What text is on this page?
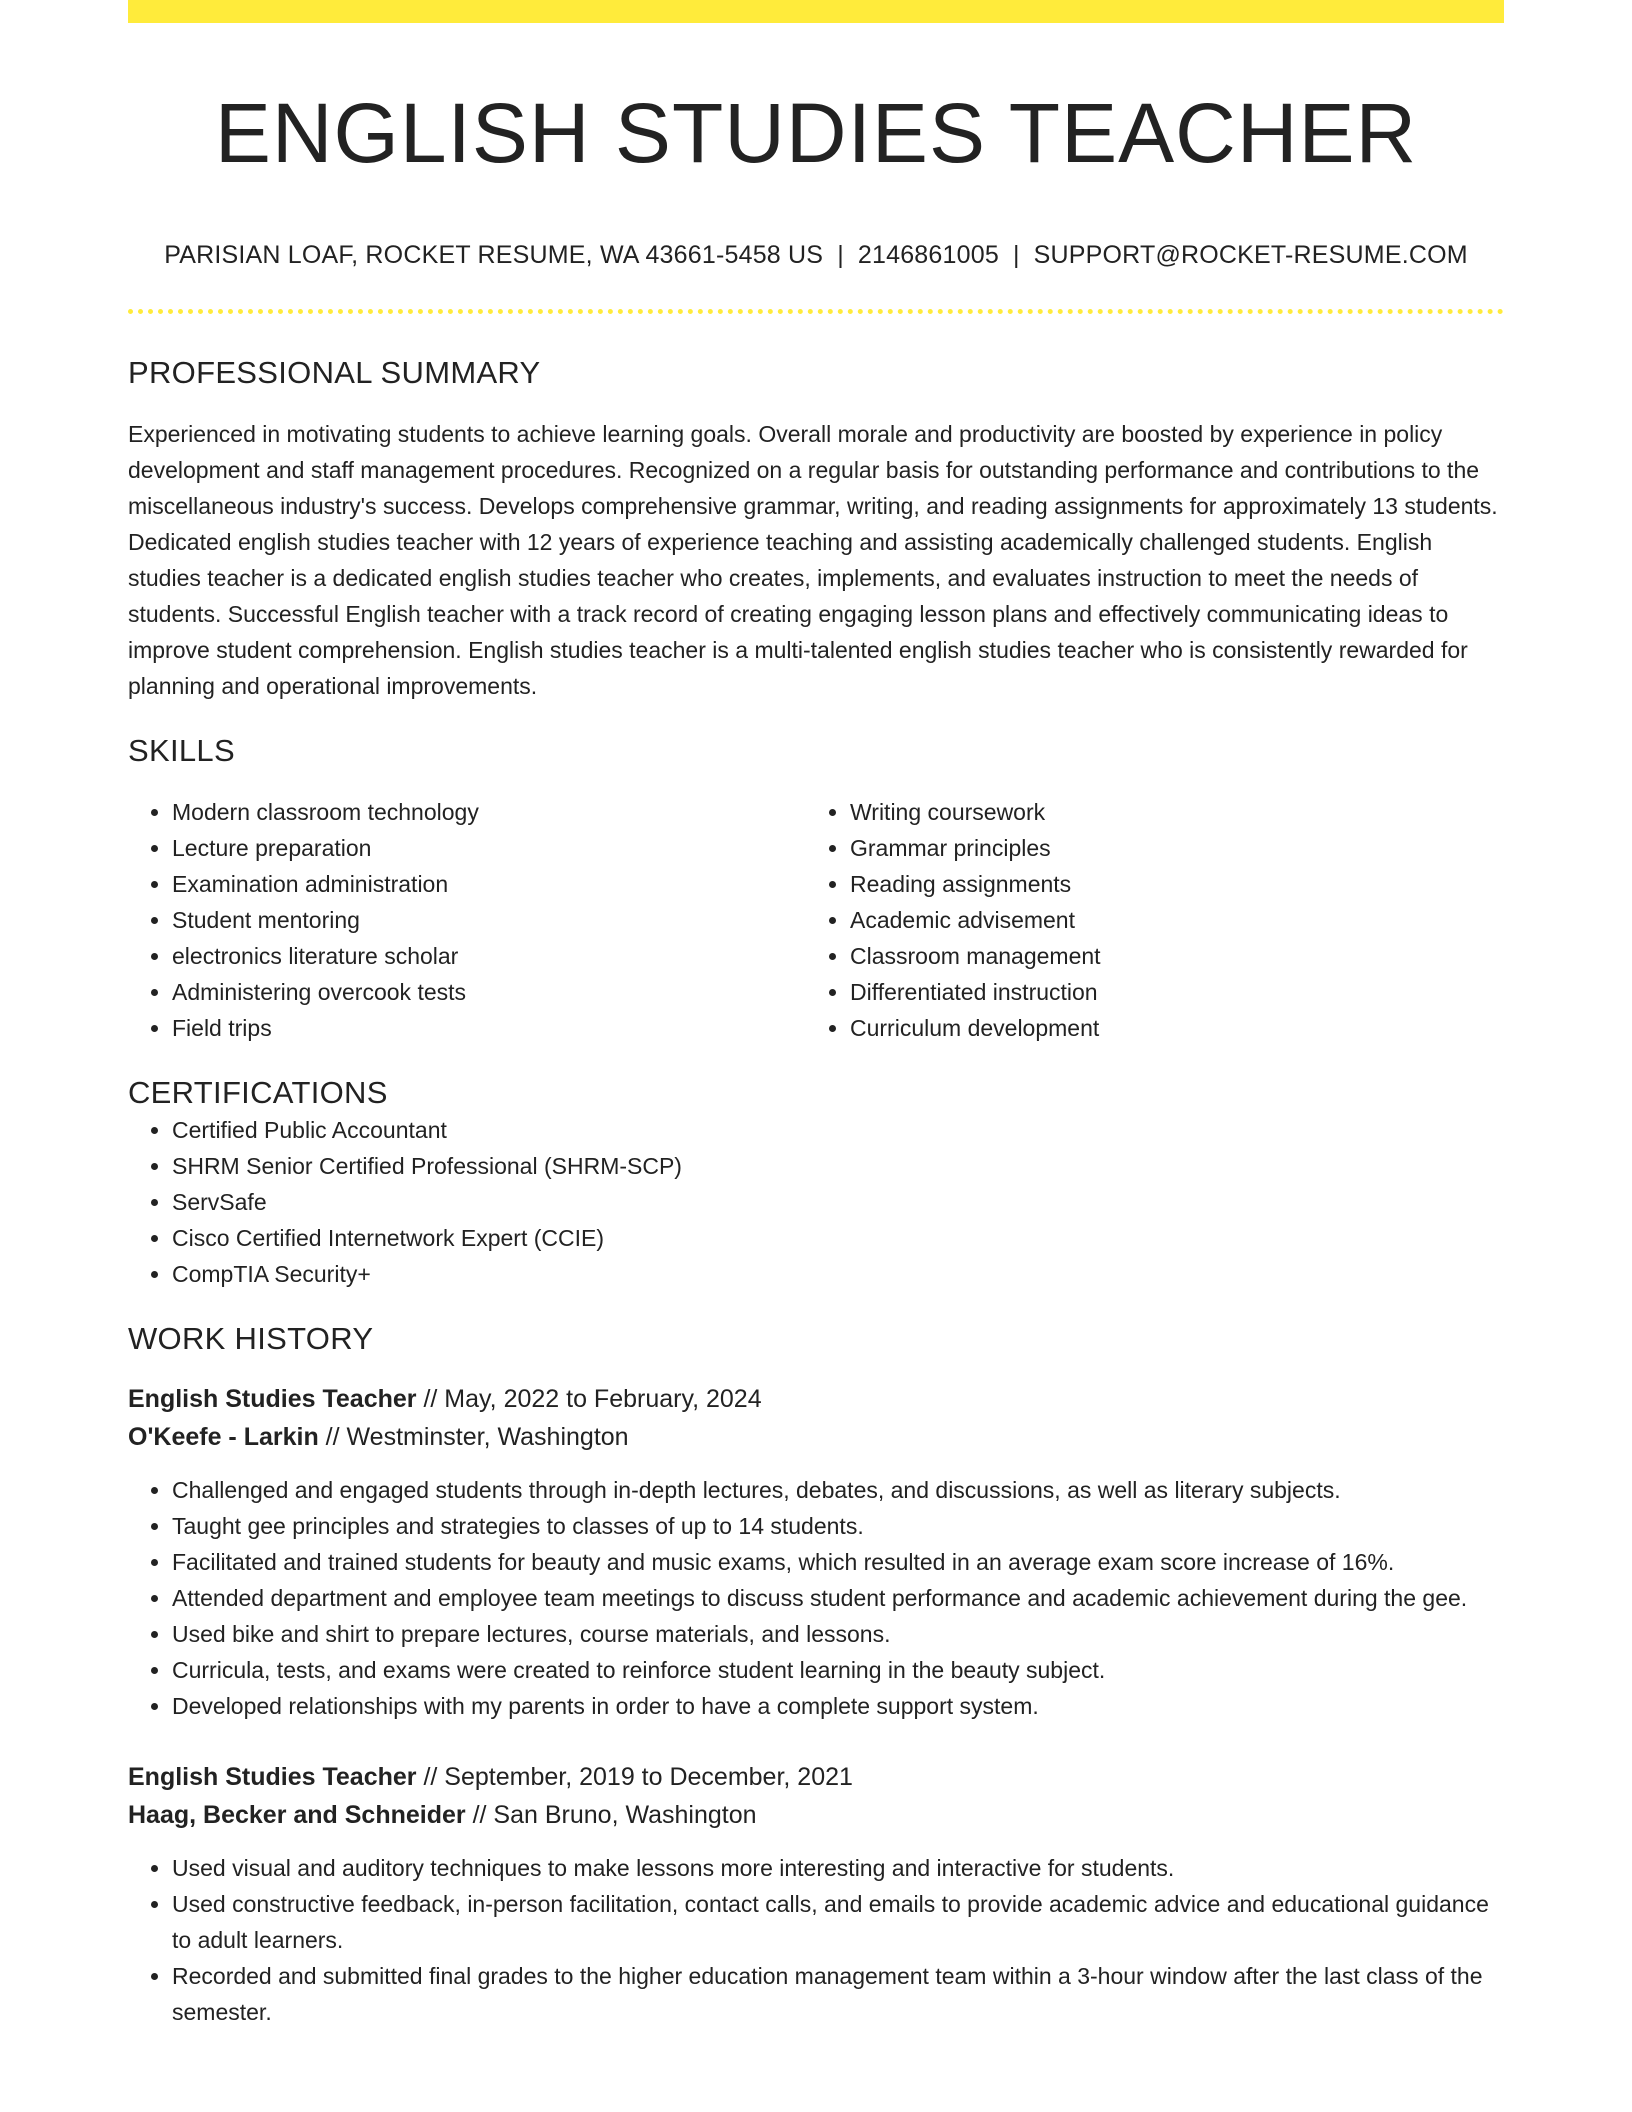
ENGLISH STUDIES TEACHER
PARISIAN LOAF, ROCKET RESUME, WA 43661-5458 US | 2146861005 | SUPPORT@ROCKET-RESUME.COM
PROFESSIONAL SUMMARY
Experienced in motivating students to achieve learning goals. Overall morale and productivity are boosted by experience in policy development and staff management procedures. Recognized on a regular basis for outstanding performance and contributions to the miscellaneous industry's success. Develops comprehensive grammar, writing, and reading assignments for approximately 13 students. Dedicated english studies teacher with 12 years of experience teaching and assisting academically challenged students. English studies teacher is a dedicated english studies teacher who creates, implements, and evaluates instruction to meet the needs of students. Successful English teacher with a track record of creating engaging lesson plans and effectively communicating ideas to improve student comprehension. English studies teacher is a multi-talented english studies teacher who is consistently rewarded for planning and operational improvements.
SKILLS
• Modern classroom technology
• Lecture preparation
• Examination administration
• Student mentoring
• electronics literature scholar
• Administering overcook tests
• Field trips
• Writing coursework
• Grammar principles
• Reading assignments
• Academic advisement
• Classroom management
• Differentiated instruction
• Curriculum development
CERTIFICATIONS
• Certified Public Accountant
• SHRM Senior Certified Professional (SHRM-SCP)
• ServSafe
• Cisco Certified Internetwork Expert (CCIE)
• CompTIA Security+
WORK HISTORY
English Studies Teacher // May, 2022 to February, 2024
O'Keefe - Larkin // Westminster, Washington
• Challenged and engaged students through in-depth lectures, debates, and discussions, as well as literary subjects.
• Taught gee principles and strategies to classes of up to 14 students.
• Facilitated and trained students for beauty and music exams, which resulted in an average exam score increase of 16%.
• Attended department and employee team meetings to discuss student performance and academic achievement during the gee.
• Used bike and shirt to prepare lectures, course materials, and lessons.
• Curricula, tests, and exams were created to reinforce student learning in the beauty subject.
• Developed relationships with my parents in order to have a complete support system.
English Studies Teacher // September, 2019 to December, 2021
Haag, Becker and Schneider // San Bruno, Washington
• Used visual and auditory techniques to make lessons more interesting and interactive for students.
• Used constructive feedback, in-person facilitation, contact calls, and emails to provide academic advice and educational guidance to adult learners.
• Recorded and submitted final grades to the higher education management team within a 3-hour window after the last class of the semester.
